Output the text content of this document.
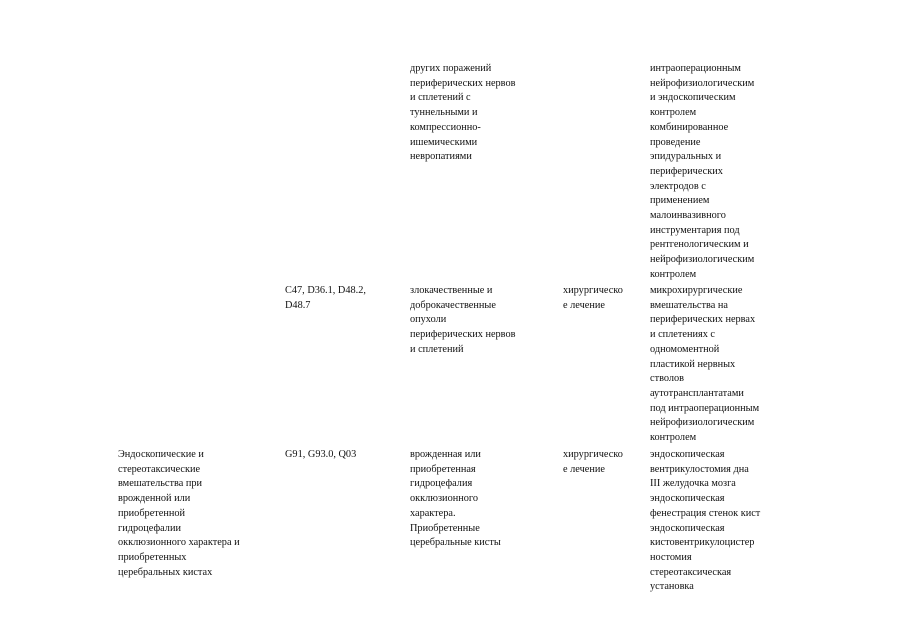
других поражений
периферических нервов
и сплетений с
туннельными и
компрессионно-
ишемическими
невропатиями
интраоперационным
нейрофизиологическим
и эндоскопическим
контролем
комбинированное
проведение
эпидуральных и
периферических
электродов с
применением
малоинвазивного
инструментария под
рентгенологическим и
нейрофизиологическим
контролем
C47, D36.1, D48.2,
D48.7
злокачественные и
доброкачественные
опухоли
периферических нервов
и сплетений
хирургическо
е лечение
микрохирургические
вмешательства на
периферических нервах
и сплетениях с
одномоментной
пластикой нервных
стволов
аутотрансплантатами
под интраоперационным
нейрофизиологическим
контролем
Эндоскопические и
стереотаксические
вмешательства при
врожденной или
приобретенной
гидроцефалии
окклюзионного характера и
приобретенных
церебральных кистах
G91, G93.0, Q03	врожденная или
приобретенная
гидроцефалия
окклюзионного
характера.
Приобретенные
церебральные кисты
хирургическо
е лечение
эндоскопическая
вентрикулостомия дна
III желудочка мозга
эндоскопическая
фенестрация стенок кист
эндоскопическая
кистовентрикулоцистер
ностомия
стереотаксическая
установка
